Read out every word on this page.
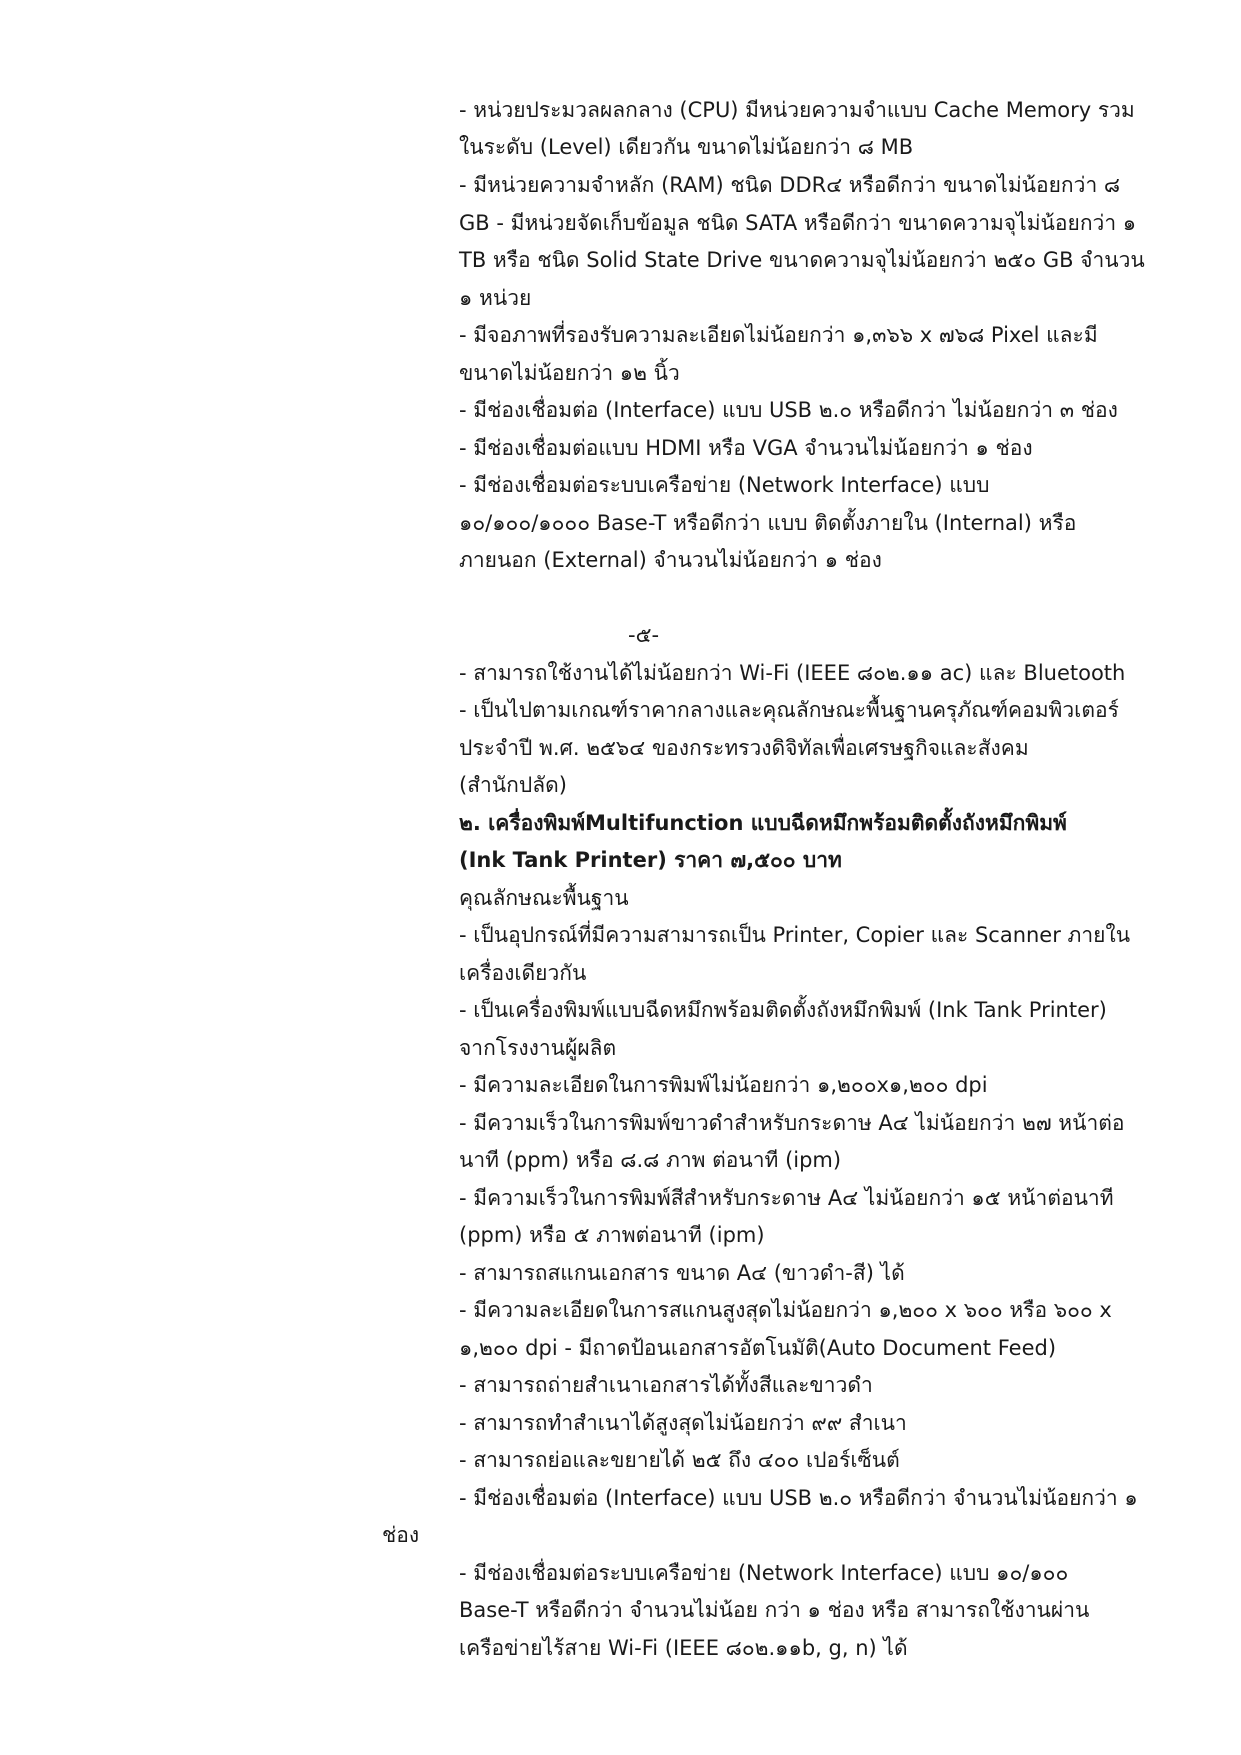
- หน่วยประมวลผลกลาง (CPU) มีหน่วยความจำแบบ Cache Memory รวม

ในระดับ (Level) เดียวกัน ขนาดไม่น้อยกว่า ๘ MB

- มีหน่วยความจำหลัก (RAM) ชนิด DDR๔ หรือดีกว่า ขนาดไม่น้อยกว่า ๘

GB - มีหน่วยจัดเก็บข้อมูล ชนิด SATA หรือดีกว่า ขนาดความจุไม่น้อยกว่า ๑

TB หรือ ชนิด Solid State Drive ขนาดความจุไม่น้อยกว่า ๒๕๐ GB จำนวน

๑ หน่วย

- มีจอภาพที่รองรับความละเอียดไม่น้อยกว่า ๑,๓๖๖ x ๗๖๘ Pixel และมี

ขนาดไม่น้อยกว่า ๑๒ นิ้ว

- มีช่องเชื่อมต่อ (Interface) แบบ USB ๒.๐ หรือดีกว่า ไม่น้อยกว่า ๓ ช่อง

- มีช่องเชื่อมต่อแบบ HDMI หรือ VGA จำนวนไม่น้อยกว่า ๑ ช่อง

- มีช่องเชื่อมต่อระบบเครือข่าย (Network Interface) แบบ

๑๐/๑๐๐/๑๐๐๐ Base-T หรือดีกว่า แบบ ติดตั้งภายใน (Internal) หรือ

ภายนอก (External) จำนวนไม่น้อยกว่า ๑ ช่อง

-๕-

- สามารถใช้งานได้ไม่น้อยกว่า Wi-Fi (IEEE ๘๐๒.๑๑ ac) และ Bluetooth

- เป็นไปตามเกณฑ์ราคากลางและคุณลักษณะพื้นฐานครุภัณฑ์คอมพิวเตอร์

ประจำปี พ.ศ. ๒๕๖๔ ของกระทรวงดิจิทัลเพื่อเศรษฐกิจและสังคม

(สำนักปลัด)

๒. เครื่องพิมพ์Multifunction แบบฉีดหมึกพร้อมติดตั้งถังหมึกพิมพ์

(Ink Tank Printer) ราคา ๗,๕๐๐ บาท

คุณลักษณะพื้นฐาน

- เป็นอุปกรณ์ที่มีความสามารถเป็น Printer, Copier และ Scanner ภายใน

เครื่องเดียวกัน

- เป็นเครื่องพิมพ์แบบฉีดหมึกพร้อมติดตั้งถังหมึกพิมพ์ (Ink Tank Printer)

จากโรงงานผู้ผลิต

- มีความละเอียดในการพิมพ์ไม่น้อยกว่า ๑,๒๐๐x๑,๒๐๐ dpi

- มีความเร็วในการพิมพ์ขาวดำสำหรับกระดาษ A๔ ไม่น้อยกว่า ๒๗ หน้าต่อ

นาที (ppm) หรือ ๘.๘ ภาพ ต่อนาที (ipm)

- มีความเร็วในการพิมพ์สีสำหรับกระดาษ A๔ ไม่น้อยกว่า ๑๕ หน้าต่อนาที

(ppm) หรือ ๕ ภาพต่อนาที (ipm)

- สามารถสแกนเอกสาร ขนาด A๔ (ขาวดำ-สี) ได้

- มีความละเอียดในการสแกนสูงสุดไม่น้อยกว่า ๑,๒๐๐ x ๖๐๐ หรือ ๖๐๐ x

๑,๒๐๐ dpi - มีถาดป้อนเอกสารอัตโนมัติ(Auto Document Feed)

- สามารถถ่ายสำเนาเอกสารได้ทั้งสีและขาวดำ

- สามารถทำสำเนาได้สูงสุดไม่น้อยกว่า ๙๙ สำเนา

- สามารถย่อและขยายได้ ๒๕ ถึง ๔๐๐ เปอร์เซ็นต์

- มีช่องเชื่อมต่อ (Interface) แบบ USB ๒.๐ หรือดีกว่า จำนวนไม่น้อยกว่า ๑

ช่อง

- มีช่องเชื่อมต่อระบบเครือข่าย (Network Interface) แบบ ๑๐/๑๐๐

Base-T หรือดีกว่า จำนวนไม่น้อย กว่า ๑ ช่อง หรือ สามารถใช้งานผ่าน

เครือข่ายไร้สาย Wi-Fi (IEEE ๘๐๒.๑๑b, g, n) ได้
